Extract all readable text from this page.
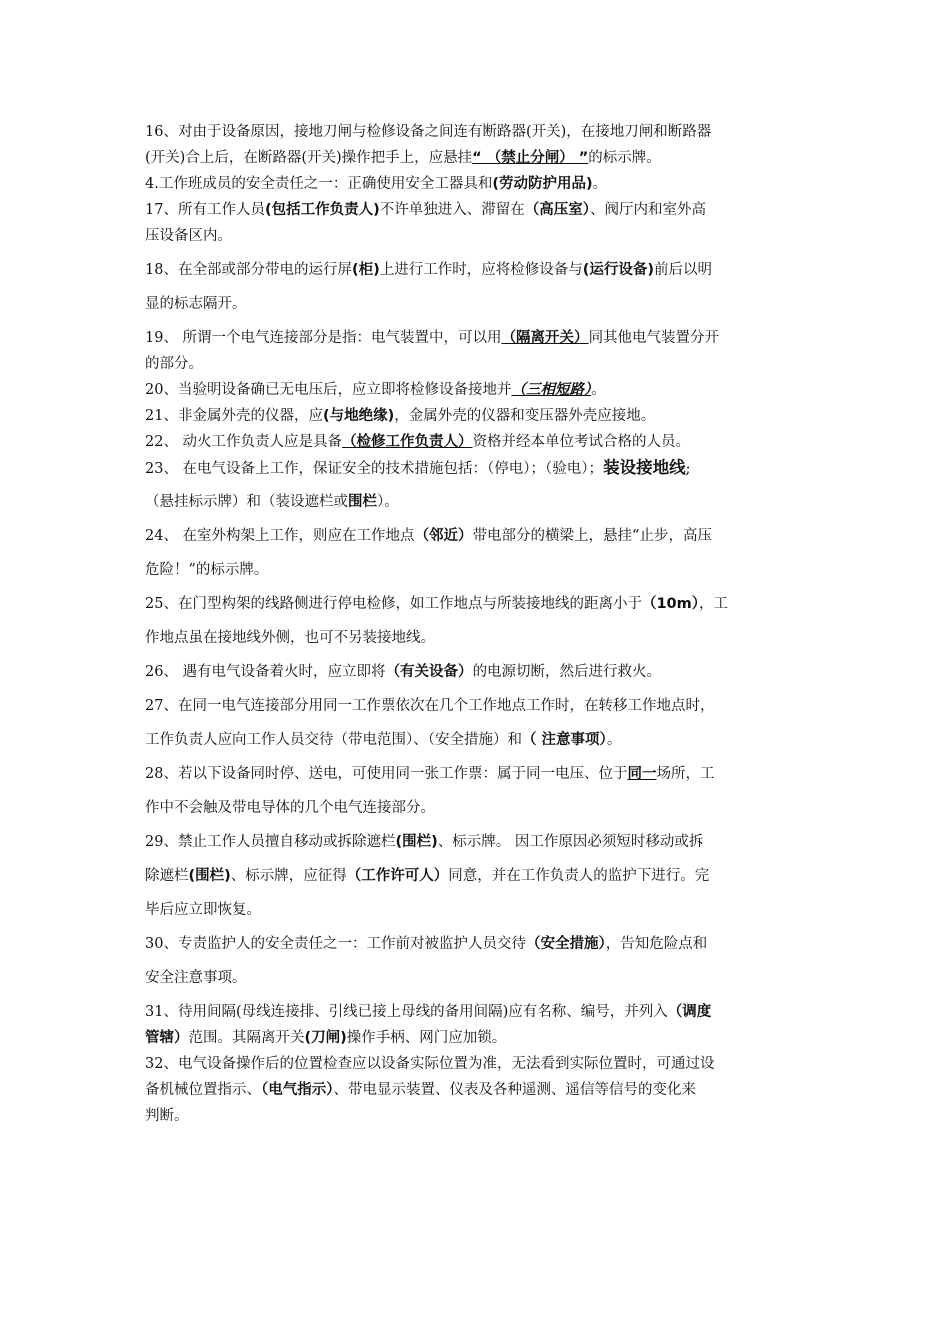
16、对由于设备原因，接地刀闸与检修设备之间连有断路器(开关)，在接地刀闸和断路器
(开关)合上后，在断路器(开关)操作把手上，应悬挂“ （禁止分闸） ”的标示牌。
4.工作班成员的安全责任之一：正确使用安全工器具和(劳动防护用品)。
17、所有工作人员(包括工作负责人)不许单独进入、滞留在（高压室）、阀厅内和室外高
压设备区内。
18、在全部或部分带电的运行屏(柜)上进行工作时，应将检修设备与(运行设备)前后以明
显的标志隔开。
19、 所谓一个电气连接部分是指：电气装置中，可以用（隔离开关）同其他电气装置分开
的部分。
20、当验明设备确已无电压后，应立即将检修设备接地并（三相短路）。
21、非金属外壳的仪器，应(与地绝缘)，金属外壳的仪器和变压器外壳应接地。
22、 动火工作负责人应是具备（检修工作负责人）资格并经本单位考试合格的人员。
23、 在电气设备上工作，保证安全的技术措施包括：（停电）；（验电）；装设接地线;
（悬挂标示牌）和（装设遮栏或围栏）。
24、 在室外构架上工作，则应在工作地点（邻近）带电部分的横梁上，悬挂“止步，高压
危险！”的标示牌。
25、在门型构架的线路侧进行停电检修，如工作地点与所装接地线的距离小于（10m），工
作地点虽在接地线外侧，也可不另装接地线。
26、 遇有电气设备着火时，应立即将（有关设备）的电源切断，然后进行救火。
27、在同一电气连接部分用同一工作票依次在几个工作地点工作时，在转移工作地点时，
工作负责人应向工作人员交待（带电范围）、（安全措施）和（ 注意事项）。
28、若以下设备同时停、送电，可使用同一张工作票：属于同一电压、位于同一场所，工
作中不会触及带电导体的几个电气连接部分。
29、禁止工作人员擅自移动或拆除遮栏(围栏)、标示牌。 因工作原因必须短时移动或拆
除遮栏(围栏)、标示牌，应征得（工作许可人）同意，并在工作负责人的监护下进行。完
毕后应立即恢复。
30、专责监护人的安全责任之一：工作前对被监护人员交待（安全措施），告知危险点和
安全注意事项。
31、待用间隔(母线连接排、引线已接上母线的备用间隔)应有名称、编号，并列入（调度
管辖）范围。其隔离开关(刀闸)操作手柄、网门应加锁。
32、电气设备操作后的位置检查应以设备实际位置为准，无法看到实际位置时，可通过设
备机械位置指示、（电气指示）、带电显示装置、仪表及各种遥测、遥信等信号的变化来
判断。
